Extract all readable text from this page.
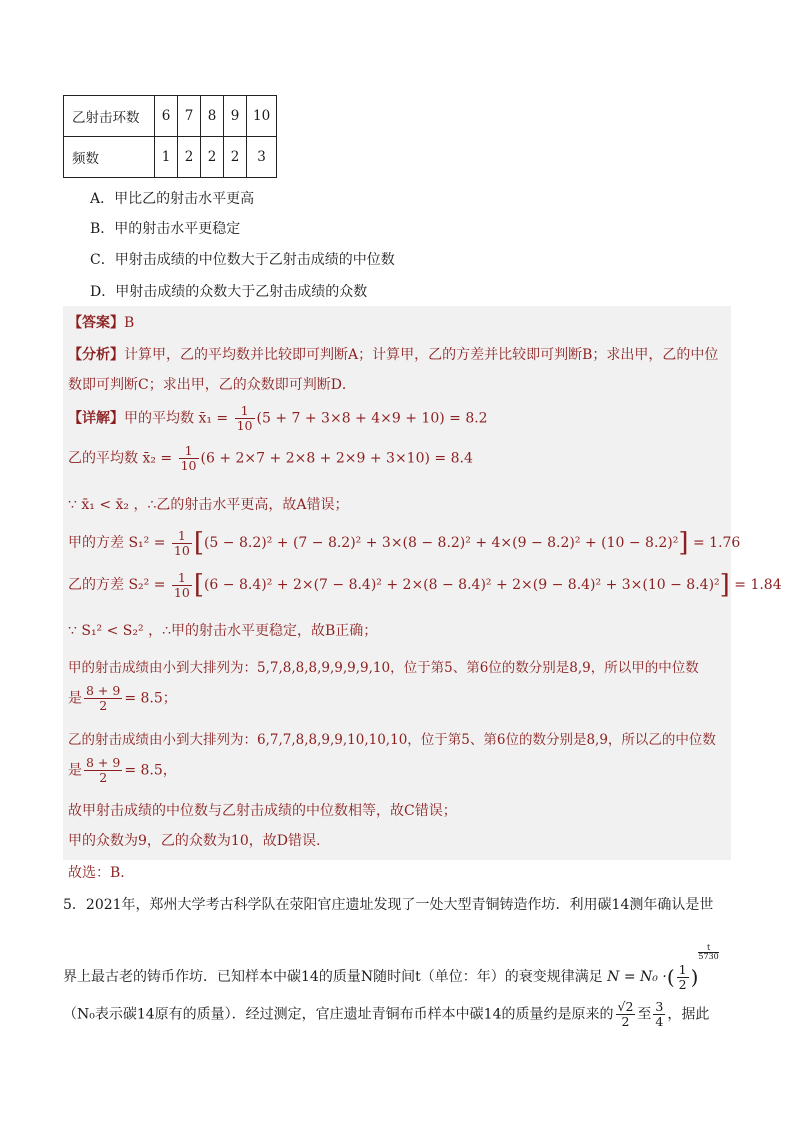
乙射击环数	6	7	8	9	10
频数	1	2	2	2	3
A．甲比乙的射击水平更高
B．甲的射击水平更稳定
C．甲射击成绩的中位数大于乙射击成绩的中位数
D．甲射击成绩的众数大于乙射击成绩的众数
【答案】B
【分析】计算甲，乙的平均数并比较即可判断A；计算甲，乙的方差并比较即可判断B；求出甲，乙的中位
数即可判断C；求出甲，乙的众数即可判断D．
【详解】甲的平均数 x̄₁ = $\frac{1}{10} (5 + 7 + 3\times 8 + 4\times 9 + 10) = 8.2$
乙的平均数 x̄₂ = $\frac{1}{10} (6 + 2\times 7 + 2\times 8 + 2\times 9 + 3\times 10) = 8.4$
∵ x̄₁ < x̄₂ ，∴乙的射击水平更高，故A错误；
甲的方差 $S_1^2 = \frac{1}{10} [(5 - 8.2)^2 + (7 - 8.2)^2 + 3\times(8 - 8.2)^2 + 4\times(9 - 8.2)^2 + (10 - 8.2)^2] = 1.76$
乙的方差 $S_2^2 = \frac{1}{10} [(6 - 8.4)^2 + 2\times(7 - 8.4)^2 + 2\times(8 - 8.4)^2 + 2\times(9 - 8.4)^2 + 3\times(10 - 8.4)^2] = 1.84$
∵ S₁² < S₂² ，∴甲的射击水平更稳定，故B正确；
甲的射击成绩由小到大排列为：5,7,8,8,8,9,9,9,9,10，位于第5、第6位的数分别是8,9，所以甲的中位数
是 $\frac{8 + 9}{2} = 8.5$；
乙的射击成绩由小到大排列为：6,7,7,8,8,9,9,10,10,10，位于第5、第6位的数分别是8,9，所以乙的中位数
是 $\frac{8 + 9}{2} = 8.5$，
故甲射击成绩的中位数与乙射击成绩的中位数相等，故C错误；
甲的众数为9，乙的众数为10，故D错误.
故选：B.
5．2021年，郑州大学考古科学队在荥阳官庄遗址发现了一处大型青铜铸造作坊．利用碳14测年确认是世
界上最古老的铸币作坊．已知样本中碳14的质量N随时间t（单位：年）的衰变规律满足 N = N₀ ·( $\frac{1}{2}$ )
$^{\frac{t}{5730}}$
（N₀表示碳14原有的质量）．经过测定，官庄遗址青铜布币样本中碳14的质量约是原来的 $\frac{√2}{2}$ 至 $\frac{3}{4}$ ，据此
